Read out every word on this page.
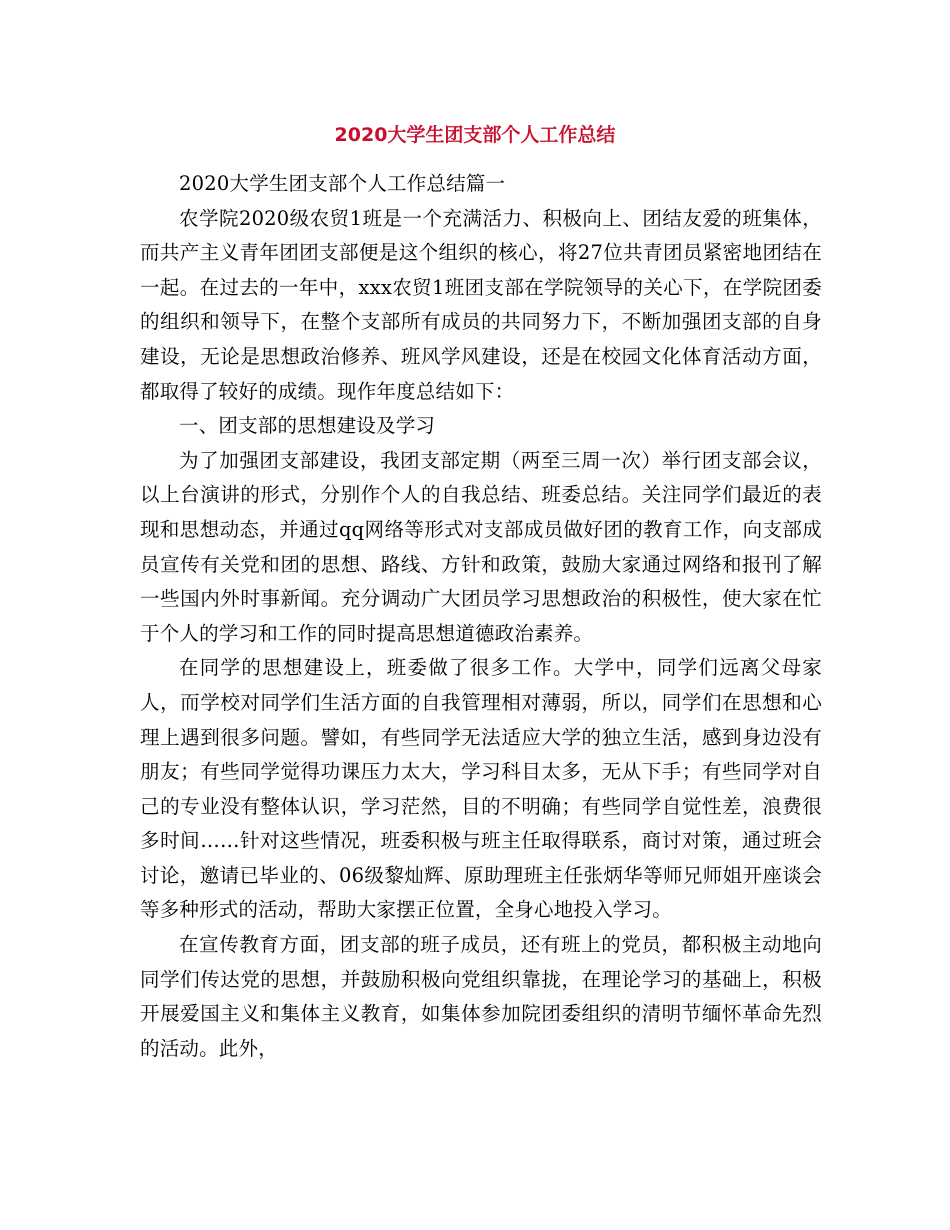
2020大学生团支部个人工作总结

2020大学生团支部个人工作总结篇一

农学院2020级农贸1班是一个充满活力、积极向上、团结友爱的班集体，而共产主义青年团团支部便是这个组织的核心，将27位共青团员紧密地团结在一起。在过去的一年中，xxx农贸1班团支部在学院领导的关心下，在学院团委的组织和领导下，在整个支部所有成员的共同努力下，不断加强团支部的自身建设，无论是思想政治修养、班风学风建设，还是在校园文化体育活动方面，都取得了较好的成绩。现作年度总结如下：

一、团支部的思想建设及学习

为了加强团支部建设，我团支部定期（两至三周一次）举行团支部会议，以上台演讲的形式，分别作个人的自我总结、班委总结。关注同学们最近的表现和思想动态，并通过qq网络等形式对支部成员做好团的教育工作，向支部成员宣传有关党和团的思想、路线、方针和政策，鼓励大家通过网络和报刊了解一些国内外时事新闻。充分调动广大团员学习思想政治的积极性，使大家在忙于个人的学习和工作的同时提高思想道德政治素养。

在同学的思想建设上，班委做了很多工作。大学中，同学们远离父母家人，而学校对同学们生活方面的自我管理相对薄弱，所以，同学们在思想和心理上遇到很多问题。譬如，有些同学无法适应大学的独立生活，感到身边没有朋友；有些同学觉得功课压力太大，学习科目太多，无从下手；有些同学对自己的专业没有整体认识，学习茫然，目的不明确；有些同学自觉性差，浪费很多时间……针对这些情况，班委积极与班主任取得联系，商讨对策，通过班会讨论，邀请已毕业的、06级黎灿辉、原助理班主任张炳华等师兄师姐开座谈会等多种形式的活动，帮助大家摆正位置，全身心地投入学习。

在宣传教育方面，团支部的班子成员，还有班上的党员，都积极主动地向同学们传达党的思想，并鼓励积极向党组织靠拢，在理论学习的基础上，积极开展爱国主义和集体主义教育，如集体参加院团委组织的清明节缅怀革命先烈的活动。此外，
